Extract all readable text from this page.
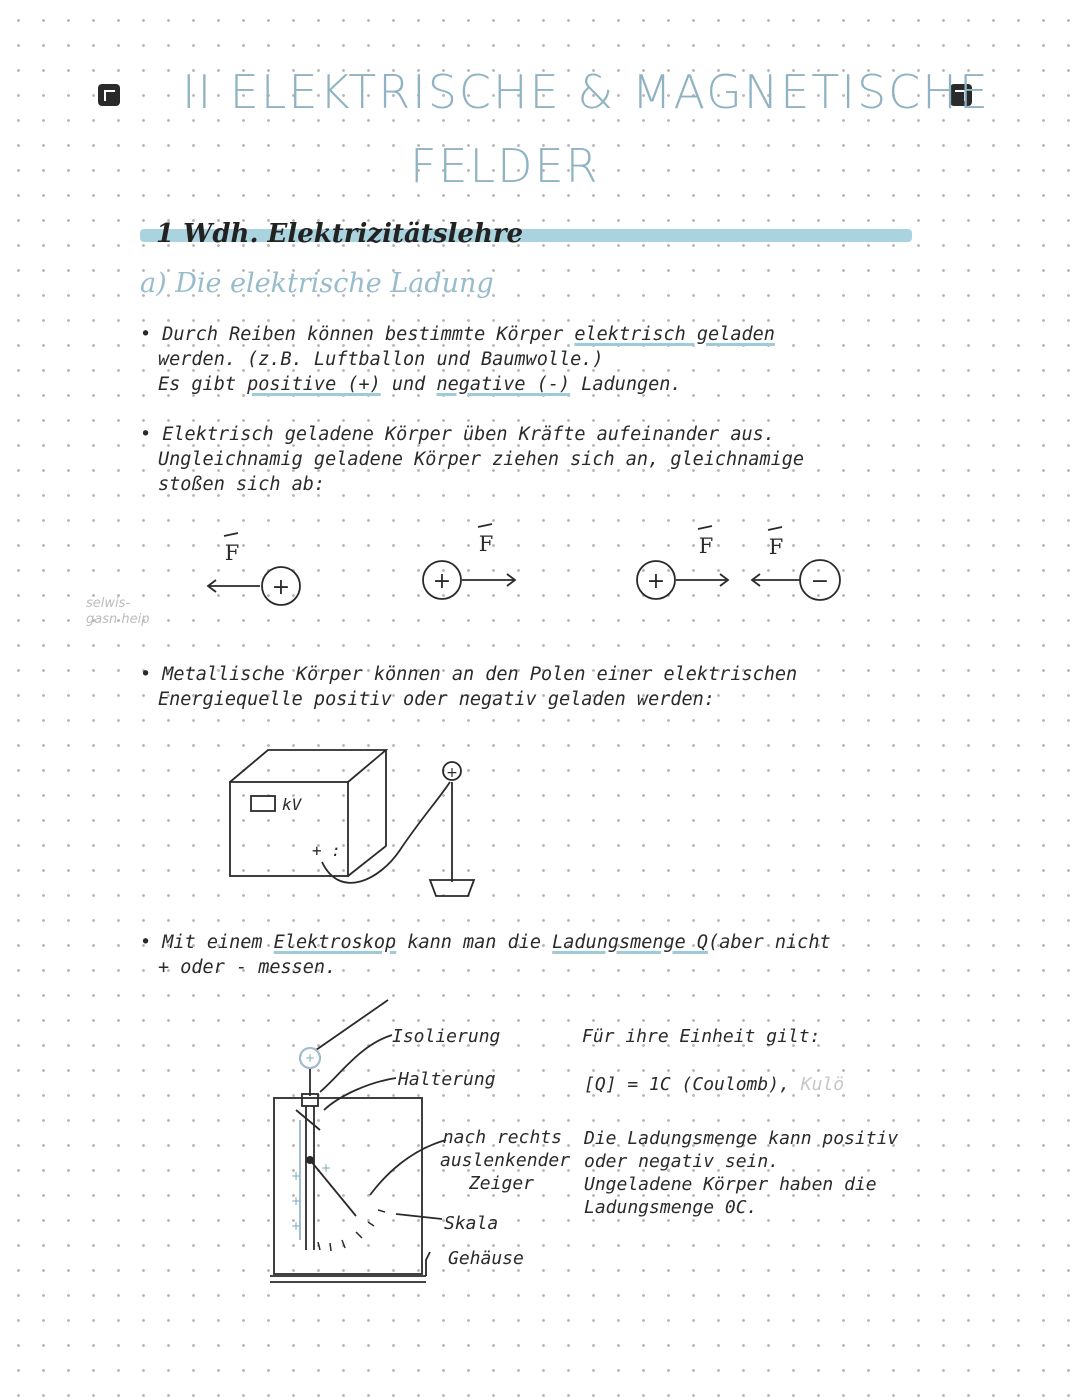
II ELEKTRISCHE & MAGNETISCHE
FELDER
1 Wdh. Elektrizitätslehre
a) Die elektrische Ladung
• Durch Reiben können bestimmte Körper elektrisch geladen
werden. (z.B. Luftballon und Baumwolle.)
Es gibt positive (+) und negative (-) Ladungen.
• Elektrisch geladene Körper üben Kräfte aufeinander aus.
Ungleichnamig geladene Körper ziehen sich an, gleichnamige
stoßen sich ab:
selwis-
gasn heip
+	+	+	−
F	F	F	F
• Metallische Körper können an den Polen einer elektrischen
Energiequelle positiv oder negativ geladen werden:
kV
+ :
+
• Mit einem Elektroskop kann man die Ladungsmenge Q(aber nicht
+ oder - messen.
+
+
+
+
+
Isolierung
Halterung
nach rechts
auslenkender
Zeiger
Skala
Gehäuse
Für ihre Einheit gilt:
[Q] = 1C (Coulomb), Kulö
Die Ladungsmenge kann positiv
oder negativ sein.
Ungeladene Körper haben die
Ladungsmenge 0C.
